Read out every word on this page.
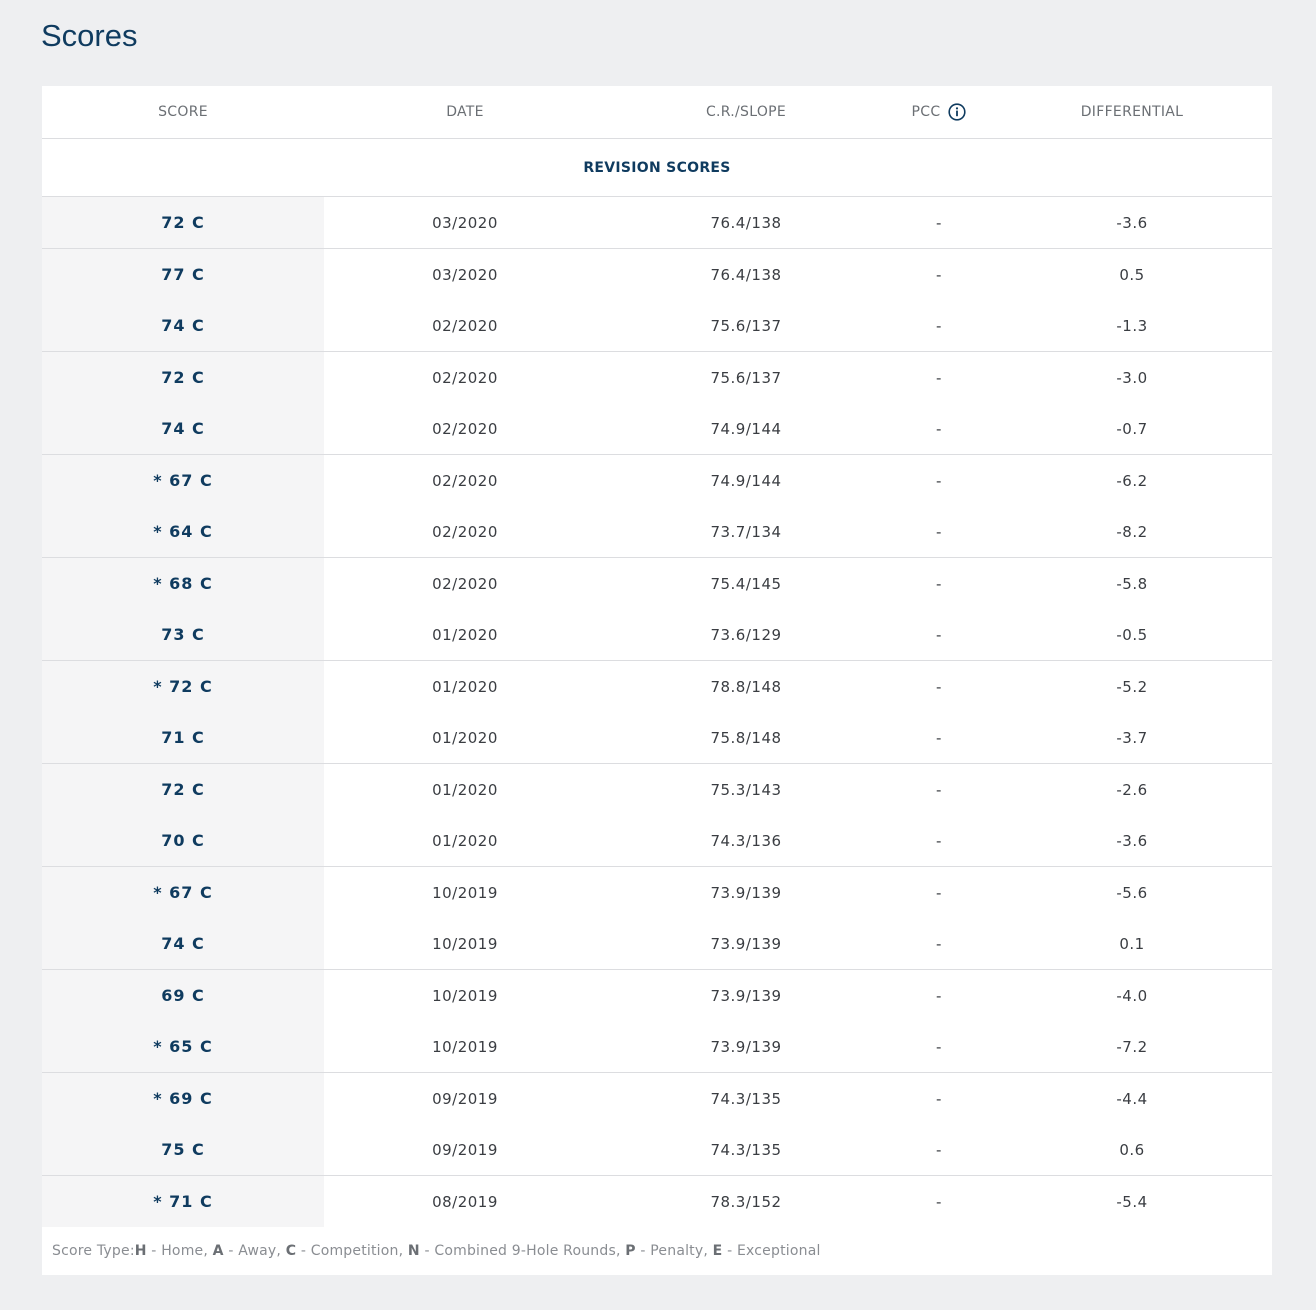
Scores
SCORE	DATE	C.R./SLOPE	PCC	DIFFERENTIAL
REVISION SCORES
72 C	03/2020	76.4/138	-	-3.6
77 C	03/2020	76.4/138	-	0.5
74 C	02/2020	75.6/137	-	-1.3
72 C	02/2020	75.6/137	-	-3.0
74 C	02/2020	74.9/144	-	-0.7
* 67 C	02/2020	74.9/144	-	-6.2
* 64 C	02/2020	73.7/134	-	-8.2
* 68 C	02/2020	75.4/145	-	-5.8
73 C	01/2020	73.6/129	-	-0.5
* 72 C	01/2020	78.8/148	-	-5.2
71 C	01/2020	75.8/148	-	-3.7
72 C	01/2020	75.3/143	-	-2.6
70 C	01/2020	74.3/136	-	-3.6
* 67 C	10/2019	73.9/139	-	-5.6
74 C	10/2019	73.9/139	-	0.1
69 C	10/2019	73.9/139	-	-4.0
* 65 C	10/2019	73.9/139	-	-7.2
* 69 C	09/2019	74.3/135	-	-4.4
75 C	09/2019	74.3/135	-	0.6
* 71 C	08/2019	78.3/152	-	-5.4
Score Type: H - Home, A - Away, C - Competition, N - Combined 9-Hole Rounds, P - Penalty, E - Exceptional
